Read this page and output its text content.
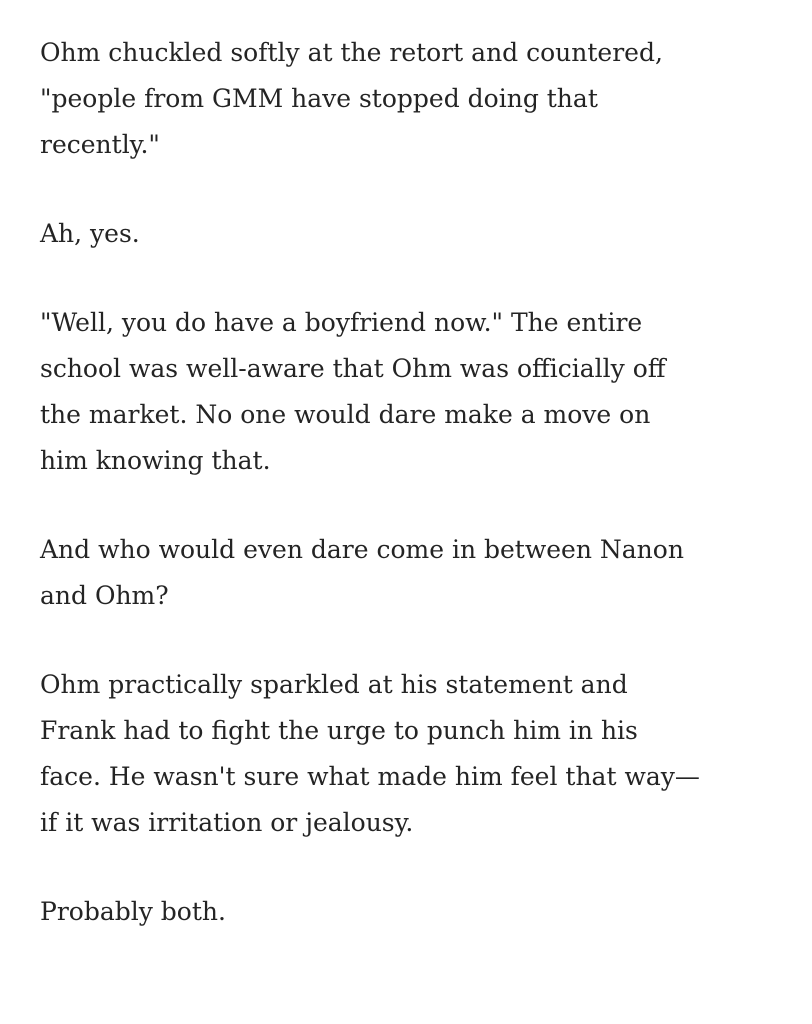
Ohm chuckled softly at the retort and countered,
"people from GMM have stopped doing that
recently."

Ah, yes.

"Well, you do have a boyfriend now." The entire
school was well-aware that Ohm was officially off
the market. No one would dare make a move on
him knowing that.

And who would even dare come in between Nanon
and Ohm?

Ohm practically sparkled at his statement and
Frank had to fight the urge to punch him in his
face. He wasn't sure what made him feel that way—
if it was irritation or jealousy.

Probably both.
